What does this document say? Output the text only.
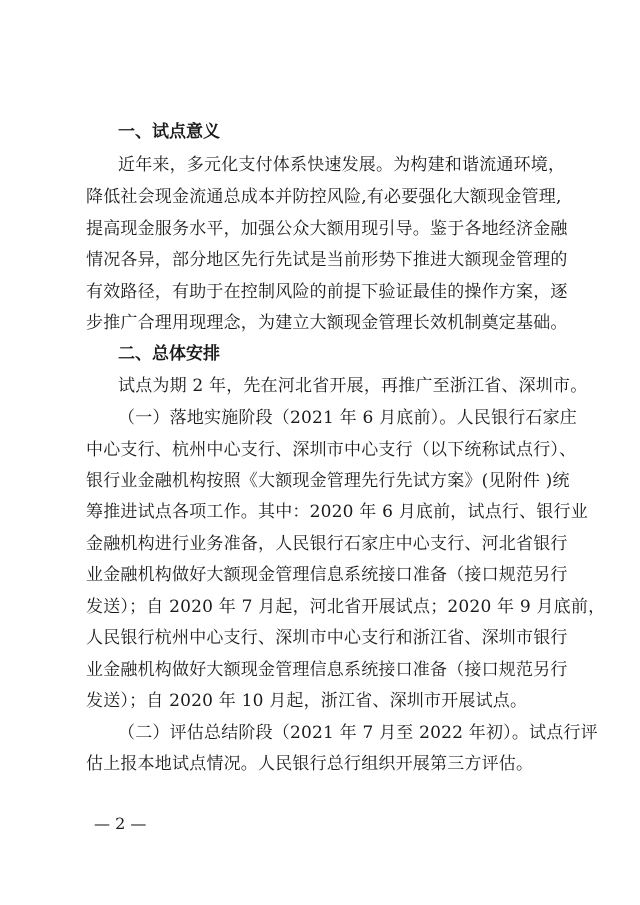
一、试点意义
近年来，多元化支付体系快速发展。为构建和谐流通环境，
降低社会现金流通总成本并防控风险,有必要强化大额现金管理,
提高现金服务水平，加强公众大额用现引导。鉴于各地经济金融
情况各异，部分地区先行先试是当前形势下推进大额现金管理的
有效路径，有助于在控制风险的前提下验证最佳的操作方案，逐
步推广合理用现理念，为建立大额现金管理长效机制奠定基础。
二、总体安排
试点为期 2 年，先在河北省开展，再推广至浙江省、深圳市。
（一）落地实施阶段（2021 年 6 月底前）。人民银行石家庄
中心支行、杭州中心支行、深圳市中心支行（以下统称试点行）、
银行业金融机构按照《大额现金管理先行先试方案》(见附件 )统
筹推进试点各项工作。其中：2020 年 6 月底前，试点行、银行业
金融机构进行业务准备，人民银行石家庄中心支行、河北省银行
业金融机构做好大额现金管理信息系统接口准备（接口规范另行
发送）；自 2020 年 7 月起，河北省开展试点；2020 年 9 月底前，
人民银行杭州中心支行、深圳市中心支行和浙江省、深圳市银行
业金融机构做好大额现金管理信息系统接口准备（接口规范另行
发送）；自 2020 年 10 月起，浙江省、深圳市开展试点。
（二）评估总结阶段（2021 年 7 月至 2022 年初）。试点行评
估上报本地试点情况。人民银行总行组织开展第三方评估。
— 2 —
